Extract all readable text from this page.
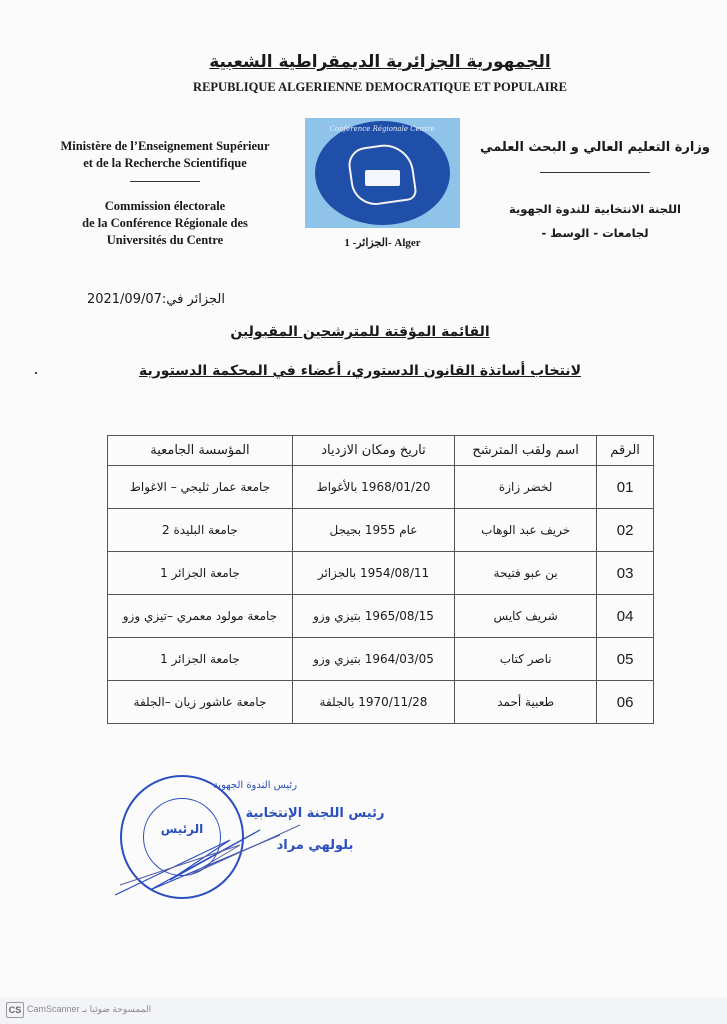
الجمهورية الجزائرية الديمقراطية الشعبية
REPUBLIQUE ALGERIENNE DEMOCRATIQUE ET POPULAIRE
Ministère de l’Enseignement Supérieur
et de la Recherche Scientifique
Commission électorale
de la Conférence Régionale des
Universités du Centre
وزارة التعليم العالي و البحث العلمي
اللجنة الانتخابية للندوة الجهوية
لجامعات - الوسط -
Conférence Régionale Centre
الجزائر- 1- Alger
الجزائر في:2021/09/07
القائمة المؤقتة للمترشحين المقبولين
لانتخاب أساتذة القانون الدستوري، أعضاء في المحكمة الدستورية
الرقم	اسم ولقب المترشح	تاريخ ومكان الازدياد	المؤسسة الجامعية
01	لخضر زازة	1968/01/20 بالأغواط	جامعة عمار ثليجي – الاغواط
02	خريف عبد الوهاب	عام 1955 بجيجل	جامعة البليدة 2
03	بن عبو فتيحة	1954/08/11 بالجزائر	جامعة الجزائر 1
04	شريف كايس	1965/08/15 بتيزي وزو	جامعة مولود معمري –تيزي وزو
05	ناصر كتاب	1964/03/05 بتيزي وزو	جامعة الجزائر 1
06	طعبية أحمد	1970/11/28 بالجلفة	جامعة عاشور زيان –الجلفة
الرئيس
رئيس الندوة الجهوية
رئيس اللجنة الإنتخابية
بلولهي مراد
CS CamScanner الممسوحة ضوئيا بـ
